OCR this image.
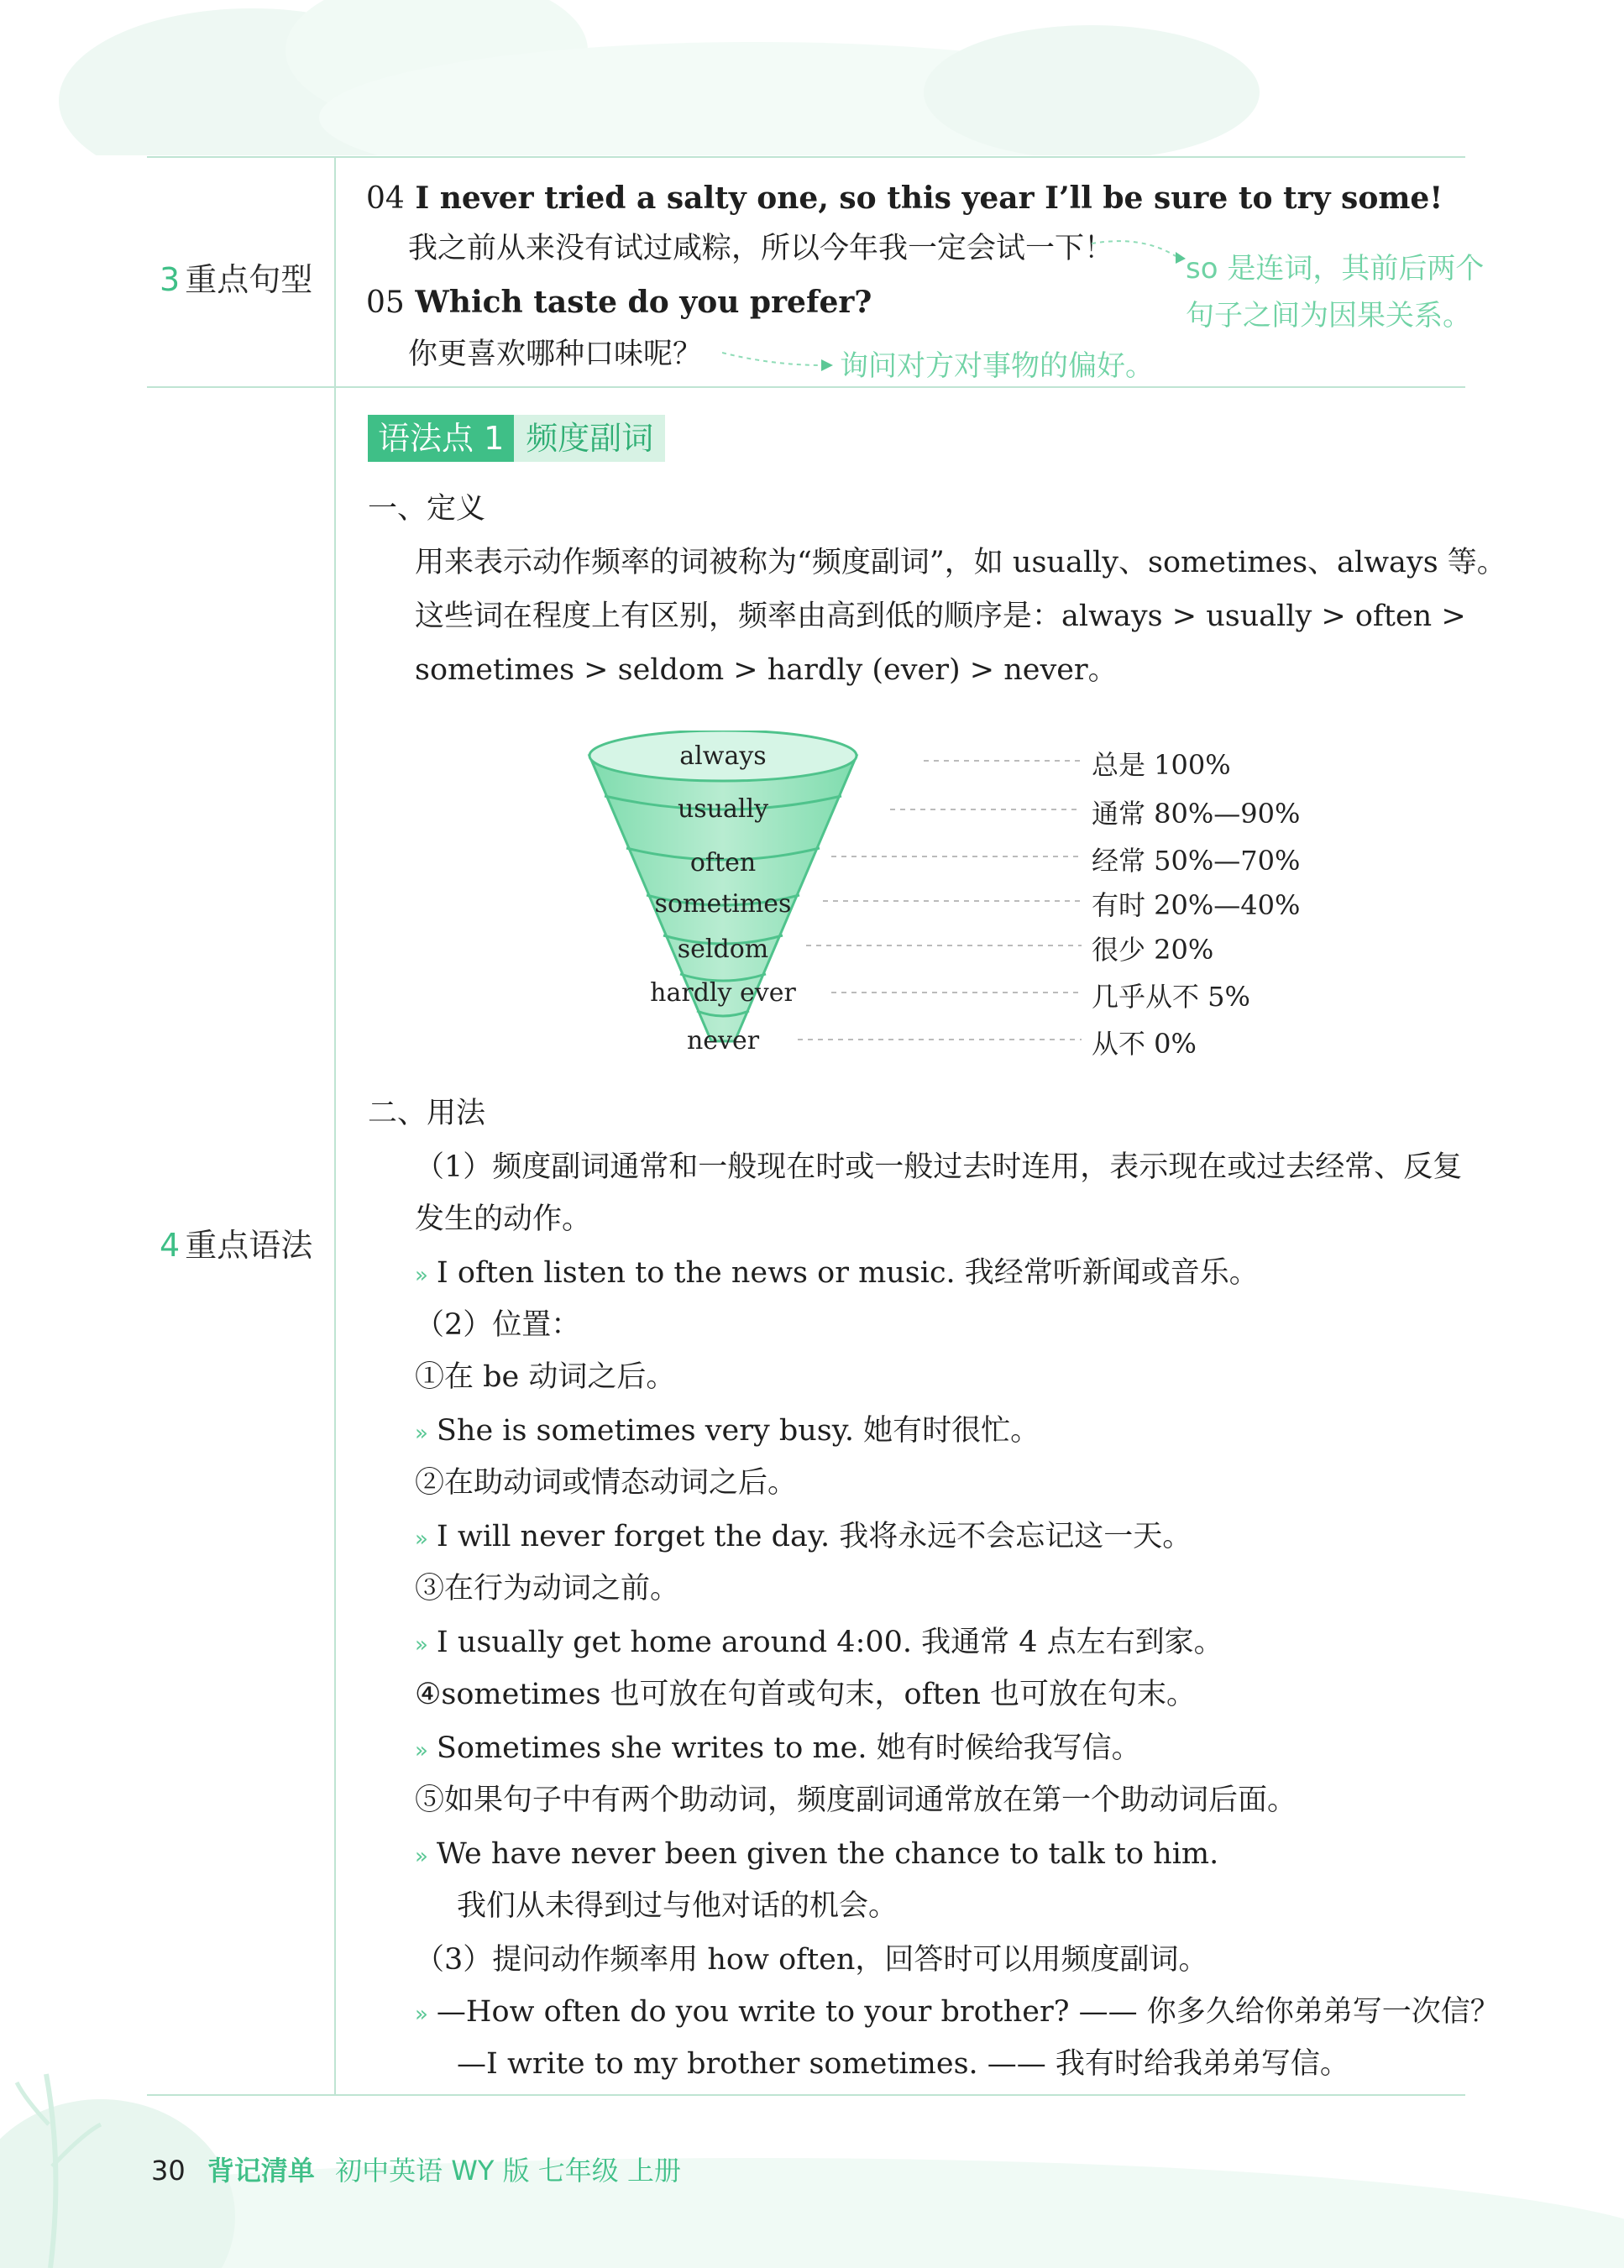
3 重点句型
4 重点语法
04 I never tried a salty one, so this year I’ll be sure to try some!
我之前从来没有试过咸粽，所以今年我一定会试一下！
05 Which taste do you prefer?
你更喜欢哪种口味呢？
so 是连词，其前后两个
句子之间为因果关系。
询问对方对事物的偏好。
语法点 1 频度副词
一、定义
用来表示动作频率的词被称为“频度副词”，如 usually、sometimes、always 等。
这些词在程度上有区别，频率由高到低的顺序是：always > usually > often >
sometimes > seldom > hardly (ever) > never。
always
usually
often
sometimes
seldom
hardly ever
never
总是 100%
通常 80%—90%
经常 50%—70%
有时 20%—40%
很少 20%
几乎从不 5%
从不 0%
二、用法
（1）频度副词通常和一般现在时或一般过去时连用，表示现在或过去经常、反复
发生的动作。
» I often listen to the news or music. 我经常听新闻或音乐。
（2）位置：
①在 be 动词之后。
» She is sometimes very busy. 她有时很忙。
②在助动词或情态动词之后。
» I will never forget the day. 我将永远不会忘记这一天。
③在行为动词之前。
» I usually get home around 4:00. 我通常 4 点左右到家。
④sometimes 也可放在句首或句末，often 也可放在句末。
» Sometimes she writes to me. 她有时候给我写信。
⑤如果句子中有两个助动词，频度副词通常放在第一个助动词后面。
» We have never been given the chance to talk to him.
我们从未得到过与他对话的机会。
（3）提问动作频率用 how often，回答时可以用频度副词。
» —How often do you write to your brother? —— 你多久给你弟弟写一次信？
—I write to my brother sometimes. —— 我有时给我弟弟写信。
30 背记清单 初中英语 WY 版 七年级 上册
